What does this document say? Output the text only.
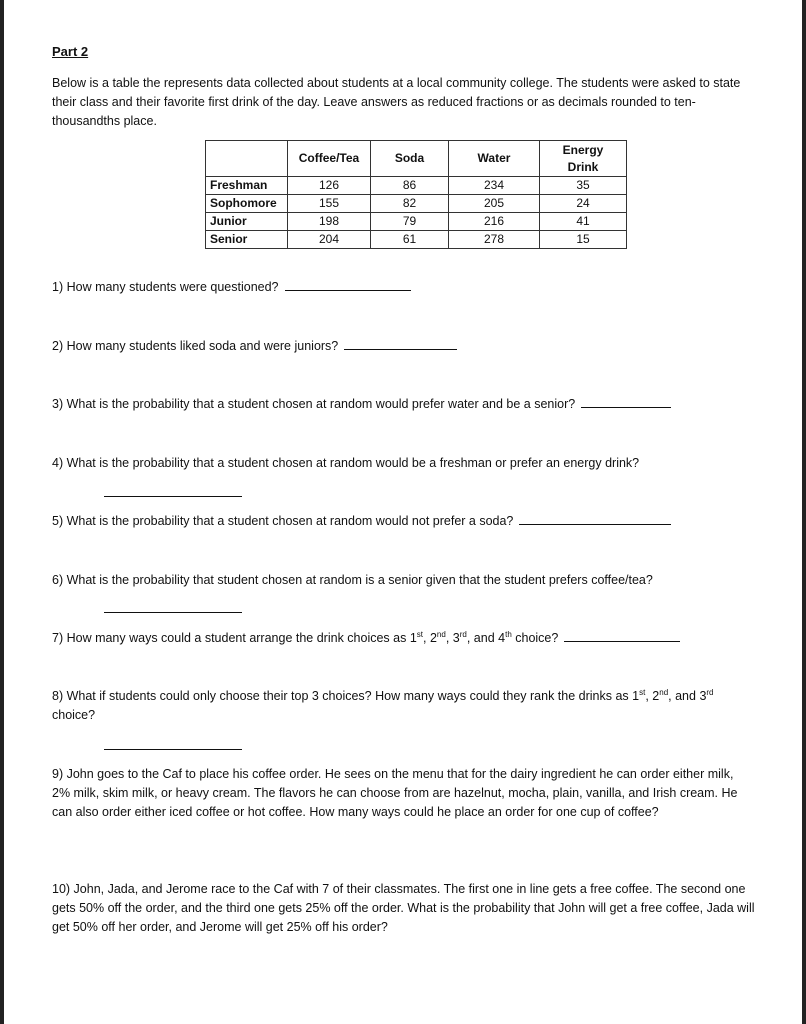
Part 2
Below is a table the represents data collected about students at a local community college. The students were asked to state their class and their favorite first drink of the day. Leave answers as reduced fractions or as decimals rounded to ten-thousandths place.
	Coffee/Tea	Soda	Water	Energy Drink
Freshman	126	86	234	35
Sophomore	155	82	205	24
Junior	198	79	216	41
Senior	204	61	278	15
1) How many students were questioned?
2) How many students liked soda and were juniors?
3) What is the probability that a student chosen at random would prefer water and be a senior?
4) What is the probability that a student chosen at random would be a freshman or prefer an energy drink?
5) What is the probability that a student chosen at random would not prefer a soda?
6) What is the probability that student chosen at random is a senior given that the student prefers coffee/tea?
7) How many ways could a student arrange the drink choices as 1st, 2nd, 3rd, and 4th choice?
8) What if students could only choose their top 3 choices? How many ways could they rank the drinks as 1st, 2nd, and 3rd choice?
9) John goes to the Caf to place his coffee order. He sees on the menu that for the dairy ingredient he can order either milk, 2% milk, skim milk, or heavy cream. The flavors he can choose from are hazelnut, mocha, plain, vanilla, and Irish cream. He can also order either iced coffee or hot coffee. How many ways could he place an order for one cup of coffee?
10) John, Jada, and Jerome race to the Caf with 7 of their classmates. The first one in line gets a free coffee. The second one gets 50% off the order, and the third one gets 25% off the order. What is the probability that John will get a free coffee, Jada will get 50% off her order, and Jerome will get 25% off his order?
